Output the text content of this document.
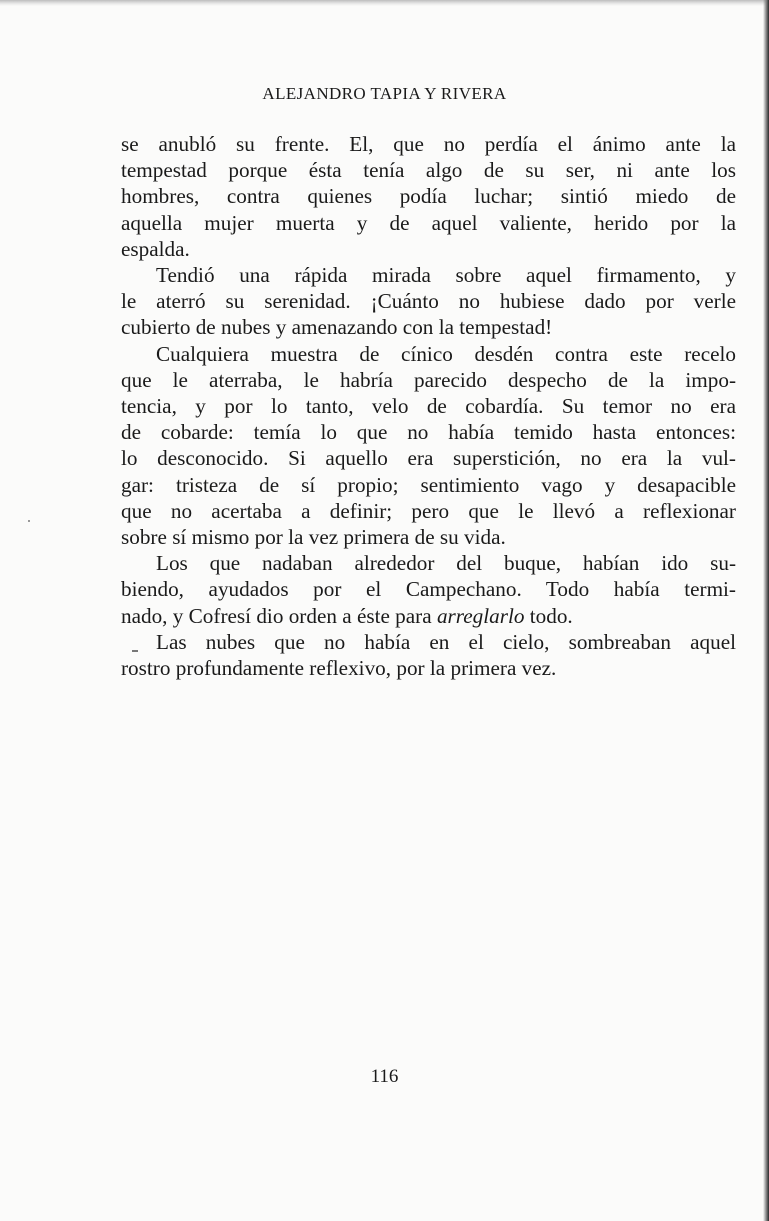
ALEJANDRO TAPIA Y RIVERA
se anubló su frente. El, que no perdía el ánimo ante la
tempestad porque ésta tenía algo de su ser, ni ante los
hombres, contra quienes podía luchar; sintió miedo de
aquella mujer muerta y de aquel valiente, herido por la
espalda.
Tendió una rápida mirada sobre aquel firmamento, y
le aterró su serenidad. ¡Cuánto no hubiese dado por verle
cubierto de nubes y amenazando con la tempestad!
Cualquiera muestra de cínico desdén contra este recelo
que le aterraba, le habría parecido despecho de la impo-
tencia, y por lo tanto, velo de cobardía. Su temor no era
de cobarde: temía lo que no había temido hasta entonces:
lo desconocido. Si aquello era superstición, no era la vul-
gar: tristeza de sí propio; sentimiento vago y desapacible
que no acertaba a definir; pero que le llevó a reflexionar
sobre sí mismo por la vez primera de su vida.
Los que nadaban alrededor del buque, habían ido su-
biendo, ayudados por el Campechano. Todo había termi-
nado, y Cofresí dio orden a éste para arreglarlo todo.
Las nubes que no había en el cielo, sombreaban aquel
rostro profundamente reflexivo, por la primera vez.
116
